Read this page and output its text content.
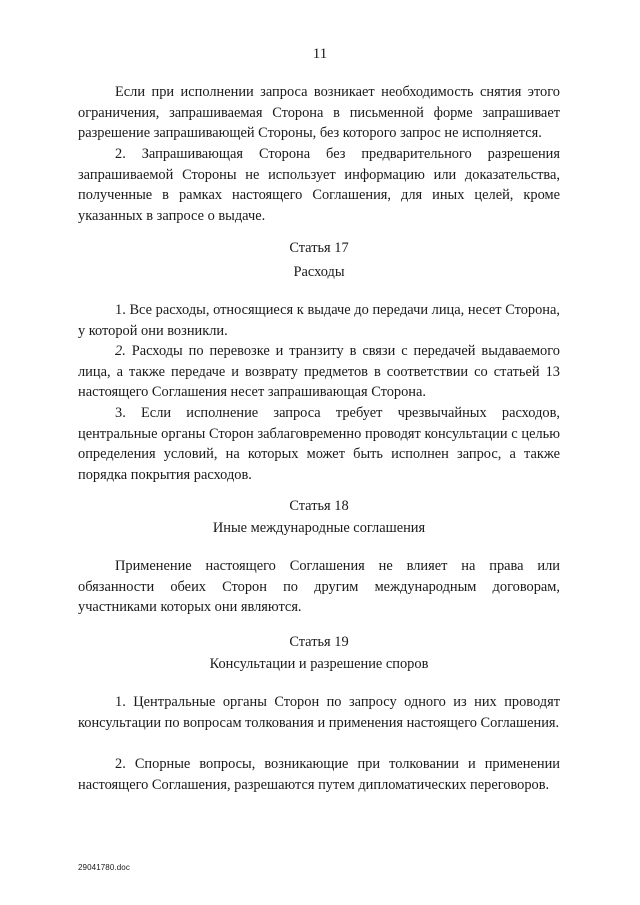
11

Если при исполнении запроса возникает необходимость снятия этого ограничения, запрашиваемая Сторона в письменной форме запрашивает разрешение запрашивающей Стороны, без которого запрос не исполняется.

2. Запрашивающая Сторона без предварительного разрешения запрашиваемой Стороны не использует информацию или доказательства, полученные в рамках настоящего Соглашения, для иных целей, кроме указанных в запросе о выдаче.

Статья 17
Расходы

1. Все расходы, относящиеся к выдаче до передачи лица, несет Сторона, у которой они возникли.

2. Расходы по перевозке и транзиту в связи с передачей выдаваемого лица, а также передаче и возврату предметов в соответствии со статьей 13 настоящего Соглашения несет запрашивающая Сторона.

3. Если исполнение запроса требует чрезвычайных расходов, центральные органы Сторон заблаговременно проводят консультации с целью определения условий, на которых может быть исполнен запрос, а также порядка покрытия расходов.

Статья 18
Иные международные соглашения

Применение настоящего Соглашения не влияет на права или обязанности обеих Сторон по другим международным договорам, участниками которых они являются.

Статья 19
Консультации и разрешение споров

1. Центральные органы Сторон по запросу одного из них проводят консультации по вопросам толкования и применения настоящего Соглашения.

2. Спорные вопросы, возникающие при толковании и применении настоящего Соглашения, разрешаются путем дипломатических переговоров.

29041780.doc
